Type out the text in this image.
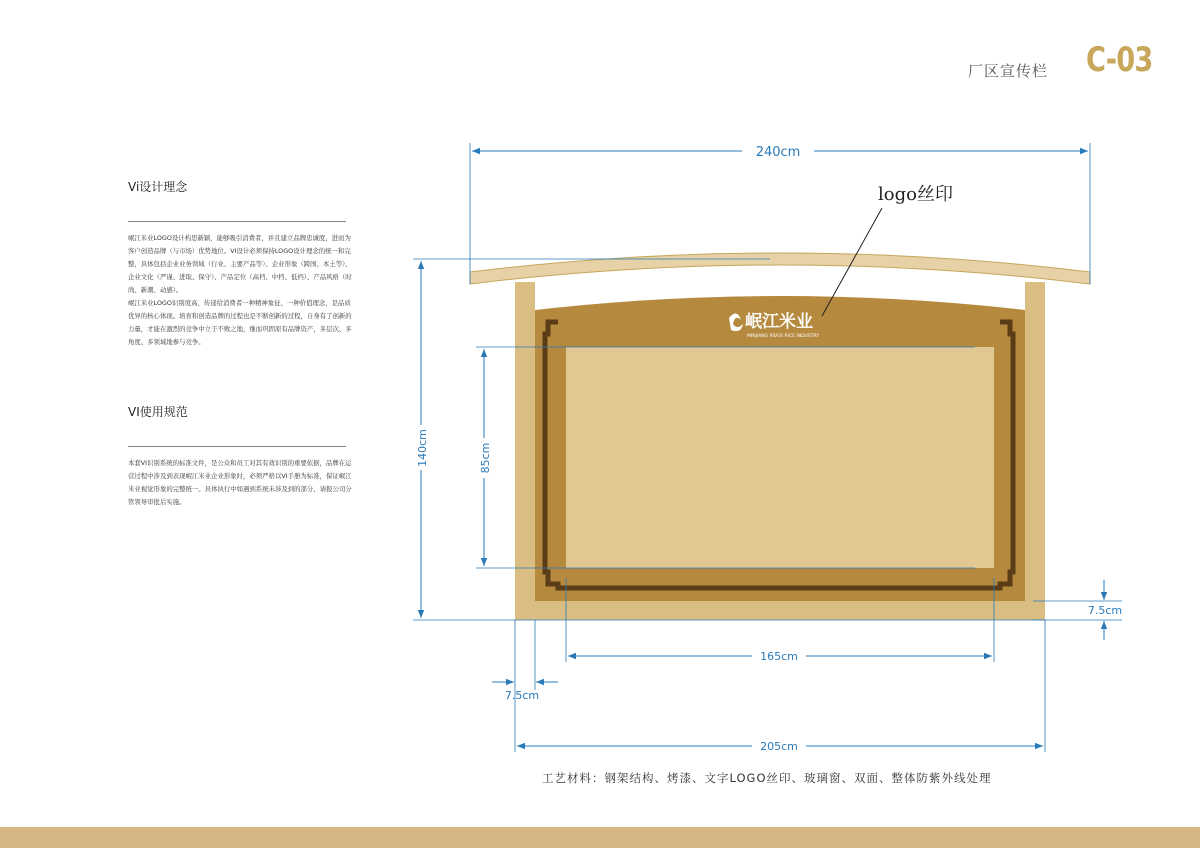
厂区宣传栏 C-03
Vi设计理念
岷江米业LOGO设计构思新颖，能够吸引消费者，并且建立品牌忠诚度，进而为客户创造品牌（与市场）优势地位。VI设计必须保持LOGO设计理念的统一和完整，具体包括企业业务领域（行业、主要产品等）、企业形象（跨国、本土等）、企业文化（严谨、进取、保守）、产品定位（高档、中档、低档）、产品风格（时尚、新潮、动感）。
岷江米业LOGO识别度高，传递给消费者一种精神象征、一种价值理念，是品质优异的核心体现。培育和创造品牌的过程也是不断创新的过程，自身有了创新的力量，才能在激烈的竞争中立于不败之地，继而巩固原有品牌资产，多层次、多角度、多领域地参与竞争。
VI使用规范
本套VI识别系统的标准文件，是公众和员工对其有效识别的重要依据，品牌在运营过程中涉及到表现岷江米业企业形象时，必须严格以VI手册为标准，保证岷江米业视觉形象的完整统一。具体执行中如遇到系统未涉及到的部分，请报公司分管领导审批后实施。
岷江米业
MINJIANG RIVER RICE INDUSTRY
logo丝印
240cm
140cm	85cm
165cm
205cm
7.5cm
7.5cm
工艺材料：钢架结构、烤漆、文字LOGO丝印、玻璃窗、双面、整体防紫外线处理
